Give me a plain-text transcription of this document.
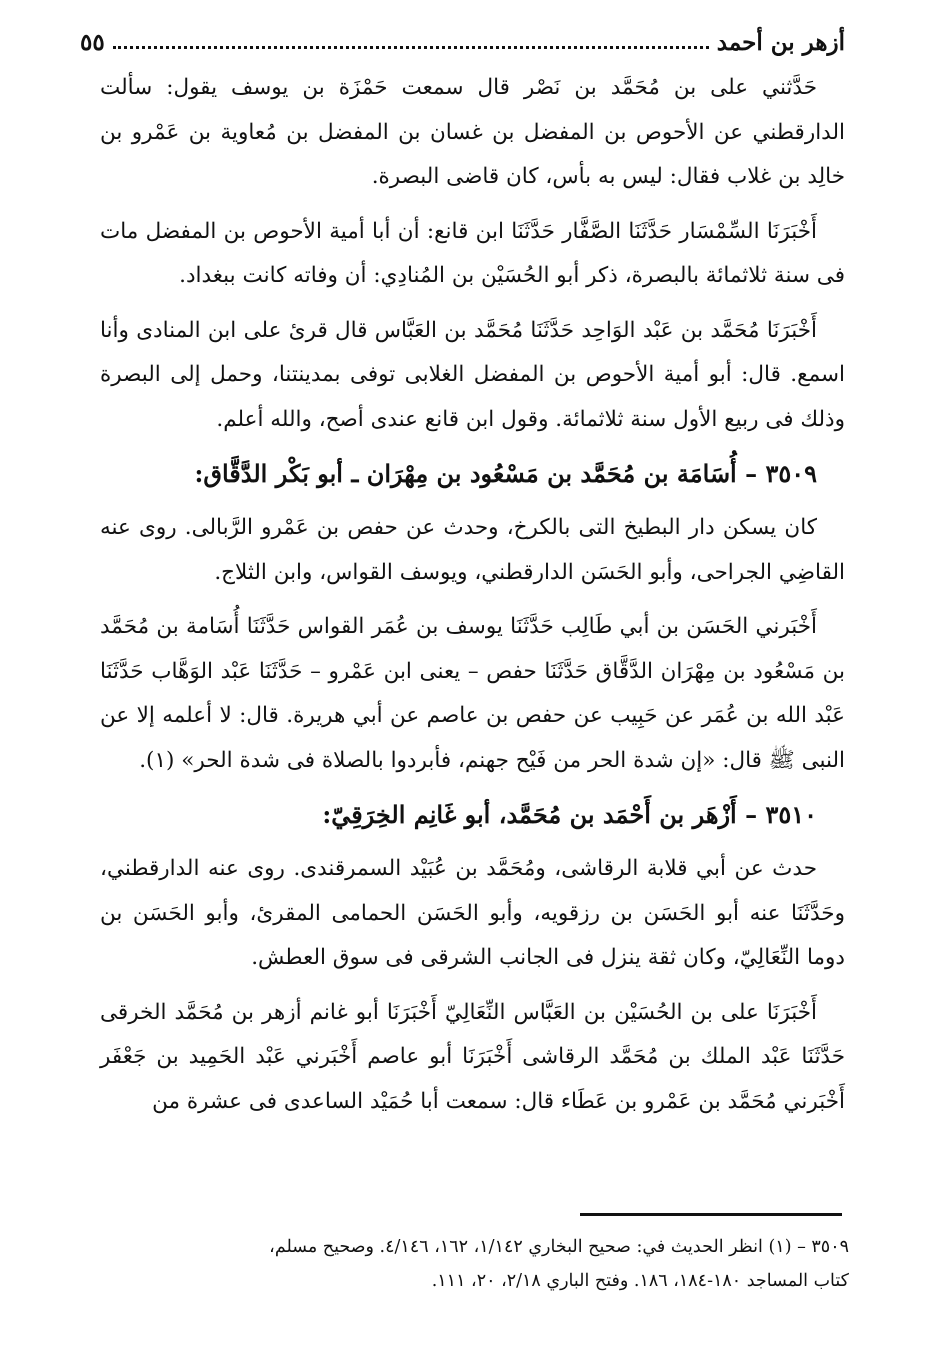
أزهر بن أحمد
٥٥

حَدَّثني على بن مُحَمَّد بن نَصْر قال سمعت حَمْزَة بن يوسف يقول: سألت الدارقطني عن الأحوص بن المفضل بن غسان بن المفضل بن مُعاوية بن عَمْرو بن خالِد بن غلاب فقال: ليس به بأس، كان قاضى البصرة.

أَخْبَرَنَا السِّمْسَار حَدَّثَنَا الصَّفَّار حَدَّثَنَا ابن قانع: أن أبا أمية الأحوص بن المفضل مات فى سنة ثلاثمائة بالبصرة، ذكر أبو الحُسَيْن بن المُنادِي: أن وفاته كانت ببغداد.

أَخْبَرَنَا مُحَمَّد بن عَبْد الوَاحِد حَدَّثَنَا مُحَمَّد بن العَبَّاس قال قرئ على ابن المنادى وأنا اسمع. قال: أبو أمية الأحوص بن المفضل الغلابى توفى بمدينتنا، وحمل إلى البصرة وذلك فى ربيع الأول سنة ثلاثمائة. وقول ابن قانع عندى أصح، والله أعلم.

٣٥٠٩ – أُسَامَة بن مُحَمَّد بن مَسْعُود بن مِهْرَان ـ أبو بَكْر الدَّقَّاق:

كان يسكن دار البطيخ التى بالكرخ، وحدث عن حفص بن عَمْرو الرَّبالى. روى عنه القاضِي الجراحى، وأبو الحَسَن الدارقطني، ويوسف القواس، وابن الثلاج.

أَخْبَرني الحَسَن بن أبي طَالِب حَدَّثَنَا يوسف بن عُمَر القواس حَدَّثَنَا أُسَامة بن مُحَمَّد بن مَسْعُود بن مِهْرَان الدَّقَّاق حَدَّثَنَا حفص – يعنى ابن عَمْرو – حَدَّثَنَا عَبْد الوَهَّاب حَدَّثَنَا عَبْد الله بن عُمَر عن حَبِيب عن حفص بن عاصم عن أبي هريرة. قال: لا أعلمه إلا عن النبى ﷺ قال: «إن شدة الحر من فَيْح جهنم، فأبردوا بالصلاة فى شدة الحر» (١).

٣٥١٠ – أَزْهَر بن أَحْمَد بن مُحَمَّد، أبو غَانِم الخِرَقِيّ:

حدث عن أبي قلابة الرقاشى، ومُحَمَّد بن عُبَيْد السمرقندى. روى عنه الدارقطني، وحَدَّثَنَا عنه أبو الحَسَن بن رزقويه، وأبو الحَسَن الحمامى المقرئ، وأبو الحَسَن بن دوما النِّعَالِيّ، وكان ثقة ينزل فى الجانب الشرقى فى سوق العطش.

أَخْبَرَنَا على بن الحُسَيْن بن العَبَّاس النِّعَالِيّ أَخْبَرَنَا أبو غانم أزهر بن مُحَمَّد الخرقى حَدَّثَنَا عَبْد الملك بن مُحَمَّد الرقاشى أَخْبَرَنَا أبو عاصم أَخْبَرني عَبْد الحَمِيد بن جَعْفَر أَخْبَرني مُحَمَّد بن عَمْرو بن عَطَاء قال: سمعت أبا حُمَيْد الساعدى فى عشرة من

٣٥٠٩ – (١) انظر الحديث في: صحيح البخاري ١/١٤٢، ١٦٢، ٤/١٤٦. وصحيح مسلم،

كتاب المساجد ١٨٠-١٨٤، ١٨٦. وفتح الباري ٢/١٨، ٢٠، ١١١.
